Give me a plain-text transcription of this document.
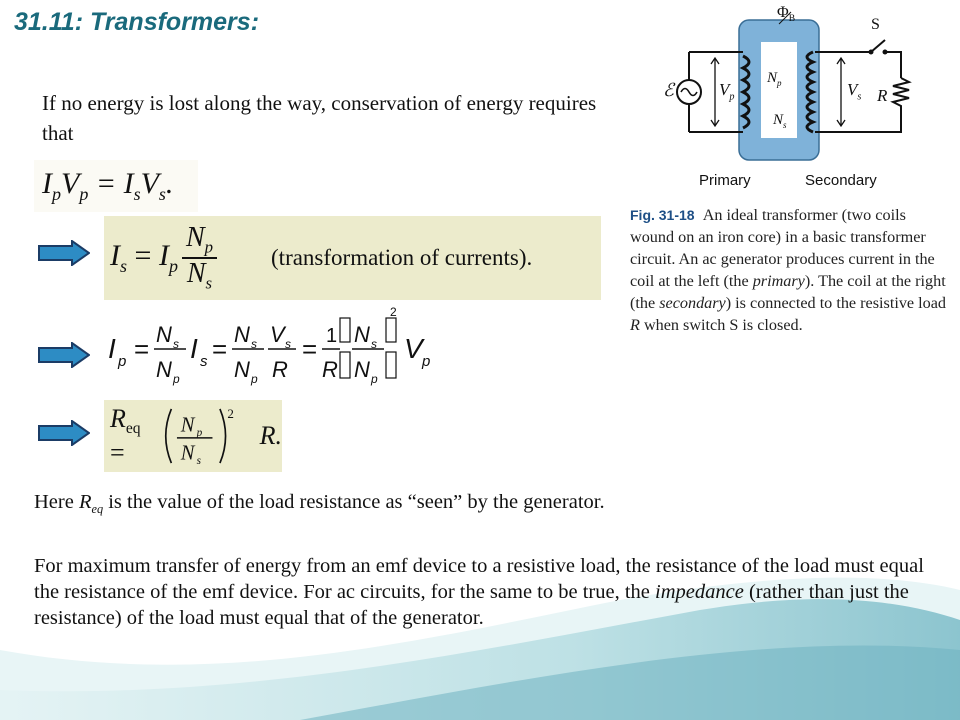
31.11: Transformers:
If no energy is lost along the way, conservation of energy requires that
$I_pV_p = I_sV_s$.
$I_s = I_p \frac{N_p}{N_s}$ (transformation of currents).
I p = N s
N p
I s = N s
N p
V s
R
= 1
R
N s
N p
2
V p
$R_{eq}$ =
N p
N s
2
R.
$\Phi_B$	S
ℰ	$V_p$
$N_p$
$N_s$
$V_s$ R
Primary	Secondary
Fig. 31-18 An ideal transformer (two coils wound on an iron core) in a basic transformer circuit. An ac generator produces current in the coil at the left (the primary). The coil at the right (the secondary) is connected to the resistive load R when switch S is closed.
Here $R_{eq}$ is the value of the load resistance as “seen” by the generator.
For maximum transfer of energy from an emf device to a resistive load, the resistance of the load must equal the resistance of the emf device. For ac circuits, for the same to be true, the impedance (rather than just the resistance) of the load must equal that of the generator.
